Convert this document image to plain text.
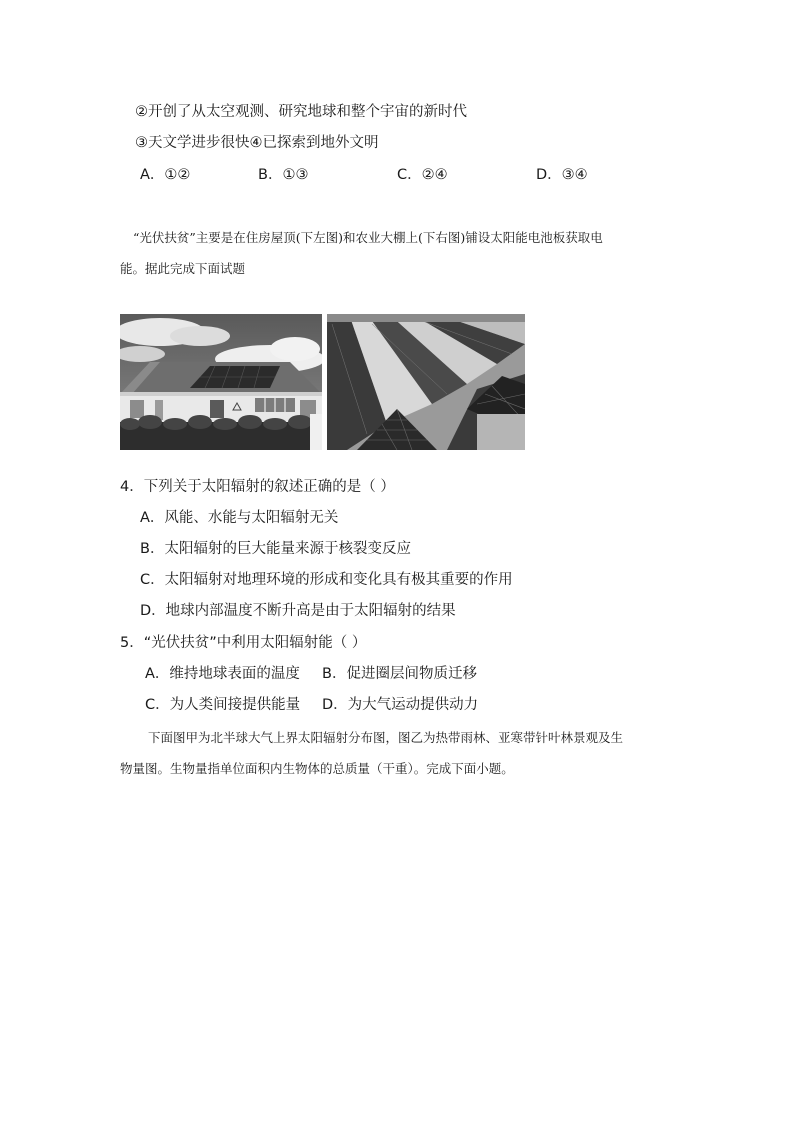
②开创了从太空观测、研究地球和整个宇宙的新时代
③天文学进步很快④已探索到地外文明
A．①②	B．①③	C．②④	D．③④
“光伏扶贫”主要是在住房屋顶(下左图)和农业大棚上(下右图)铺设太阳能电池板获取电
能。据此完成下面试题
4．下列关于太阳辐射的叙述正确的是（ ）
A．风能、水能与太阳辐射无关
B．太阳辐射的巨大能量来源于核裂变反应
C．太阳辐射对地理环境的形成和变化具有极其重要的作用
D．地球内部温度不断升高是由于太阳辐射的结果
5．“光伏扶贫”中利用太阳辐射能（ ）
A．维持地球表面的温度 B．促进圈层间物质迁移
C．为人类间接提供能量 D．为大气运动提供动力
下面图甲为北半球大气上界太阳辐射分布图，图乙为热带雨林、亚寒带针叶林景观及生
物量图。生物量指单位面积内生物体的总质量（干重）。完成下面小题。
